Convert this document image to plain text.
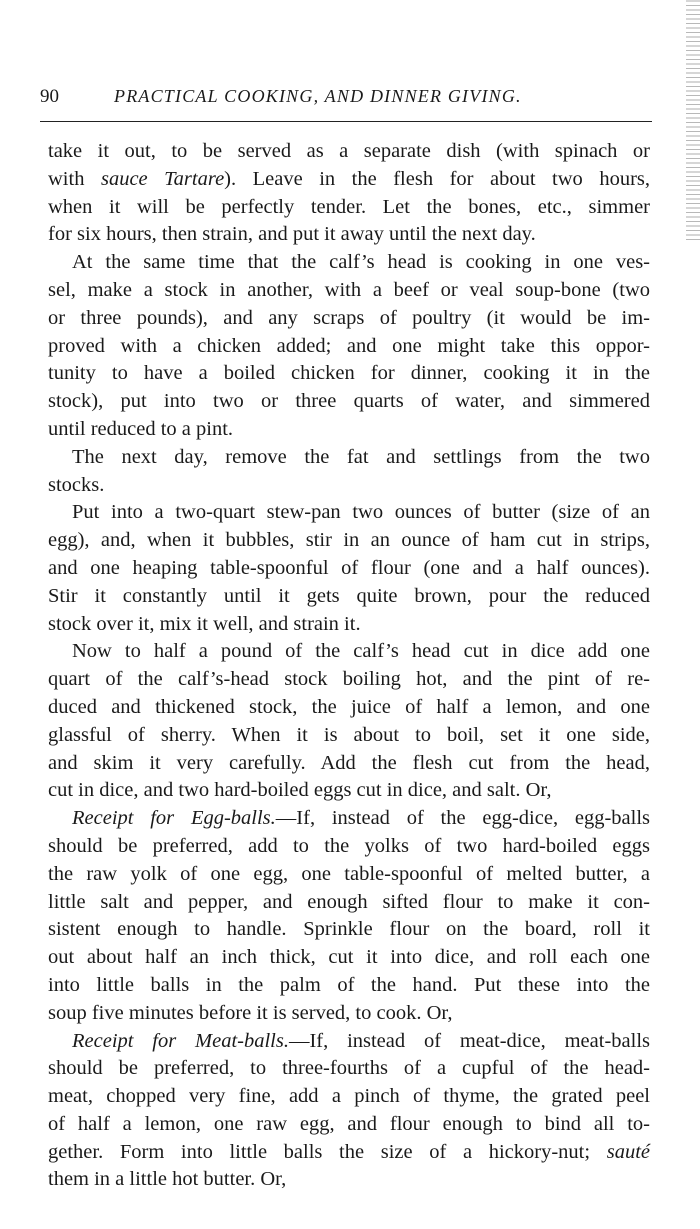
90	PRACTICAL COOKING, AND DINNER GIVING.
take it out, to be served as a separate dish (with spinach or
with sauce Tartare). Leave in the flesh for about two hours,
when it will be perfectly tender. Let the bones, etc., simmer
for six hours, then strain, and put it away until the next day.
At the same time that the calf’s head is cooking in one ves-
sel, make a stock in another, with a beef or veal soup-bone (two
or three pounds), and any scraps of poultry (it would be im-
proved with a chicken added; and one might take this oppor-
tunity to have a boiled chicken for dinner, cooking it in the
stock), put into two or three quarts of water, and simmered
until reduced to a pint.
The next day, remove the fat and settlings from the two
stocks.
Put into a two-quart stew-pan two ounces of butter (size of an
egg), and, when it bubbles, stir in an ounce of ham cut in strips,
and one heaping table-spoonful of flour (one and a half ounces).
Stir it constantly until it gets quite brown, pour the reduced
stock over it, mix it well, and strain it.
Now to half a pound of the calf’s head cut in dice add one
quart of the calf’s-head stock boiling hot, and the pint of re-
duced and thickened stock, the juice of half a lemon, and one
glassful of sherry. When it is about to boil, set it one side,
and skim it very carefully. Add the flesh cut from the head,
cut in dice, and two hard-boiled eggs cut in dice, and salt. Or,
Receipt for Egg-balls.—If, instead of the egg-dice, egg-balls
should be preferred, add to the yolks of two hard-boiled eggs
the raw yolk of one egg, one table-spoonful of melted butter, a
little salt and pepper, and enough sifted flour to make it con-
sistent enough to handle. Sprinkle flour on the board, roll it
out about half an inch thick, cut it into dice, and roll each one
into little balls in the palm of the hand. Put these into the
soup five minutes before it is served, to cook. Or,
Receipt for Meat-balls.—If, instead of meat-dice, meat-balls
should be preferred, to three-fourths of a cupful of the head-
meat, chopped very fine, add a pinch of thyme, the grated peel
of half a lemon, one raw egg, and flour enough to bind all to-
gether. Form into little balls the size of a hickory-nut; sauté
them in a little hot butter. Or,
